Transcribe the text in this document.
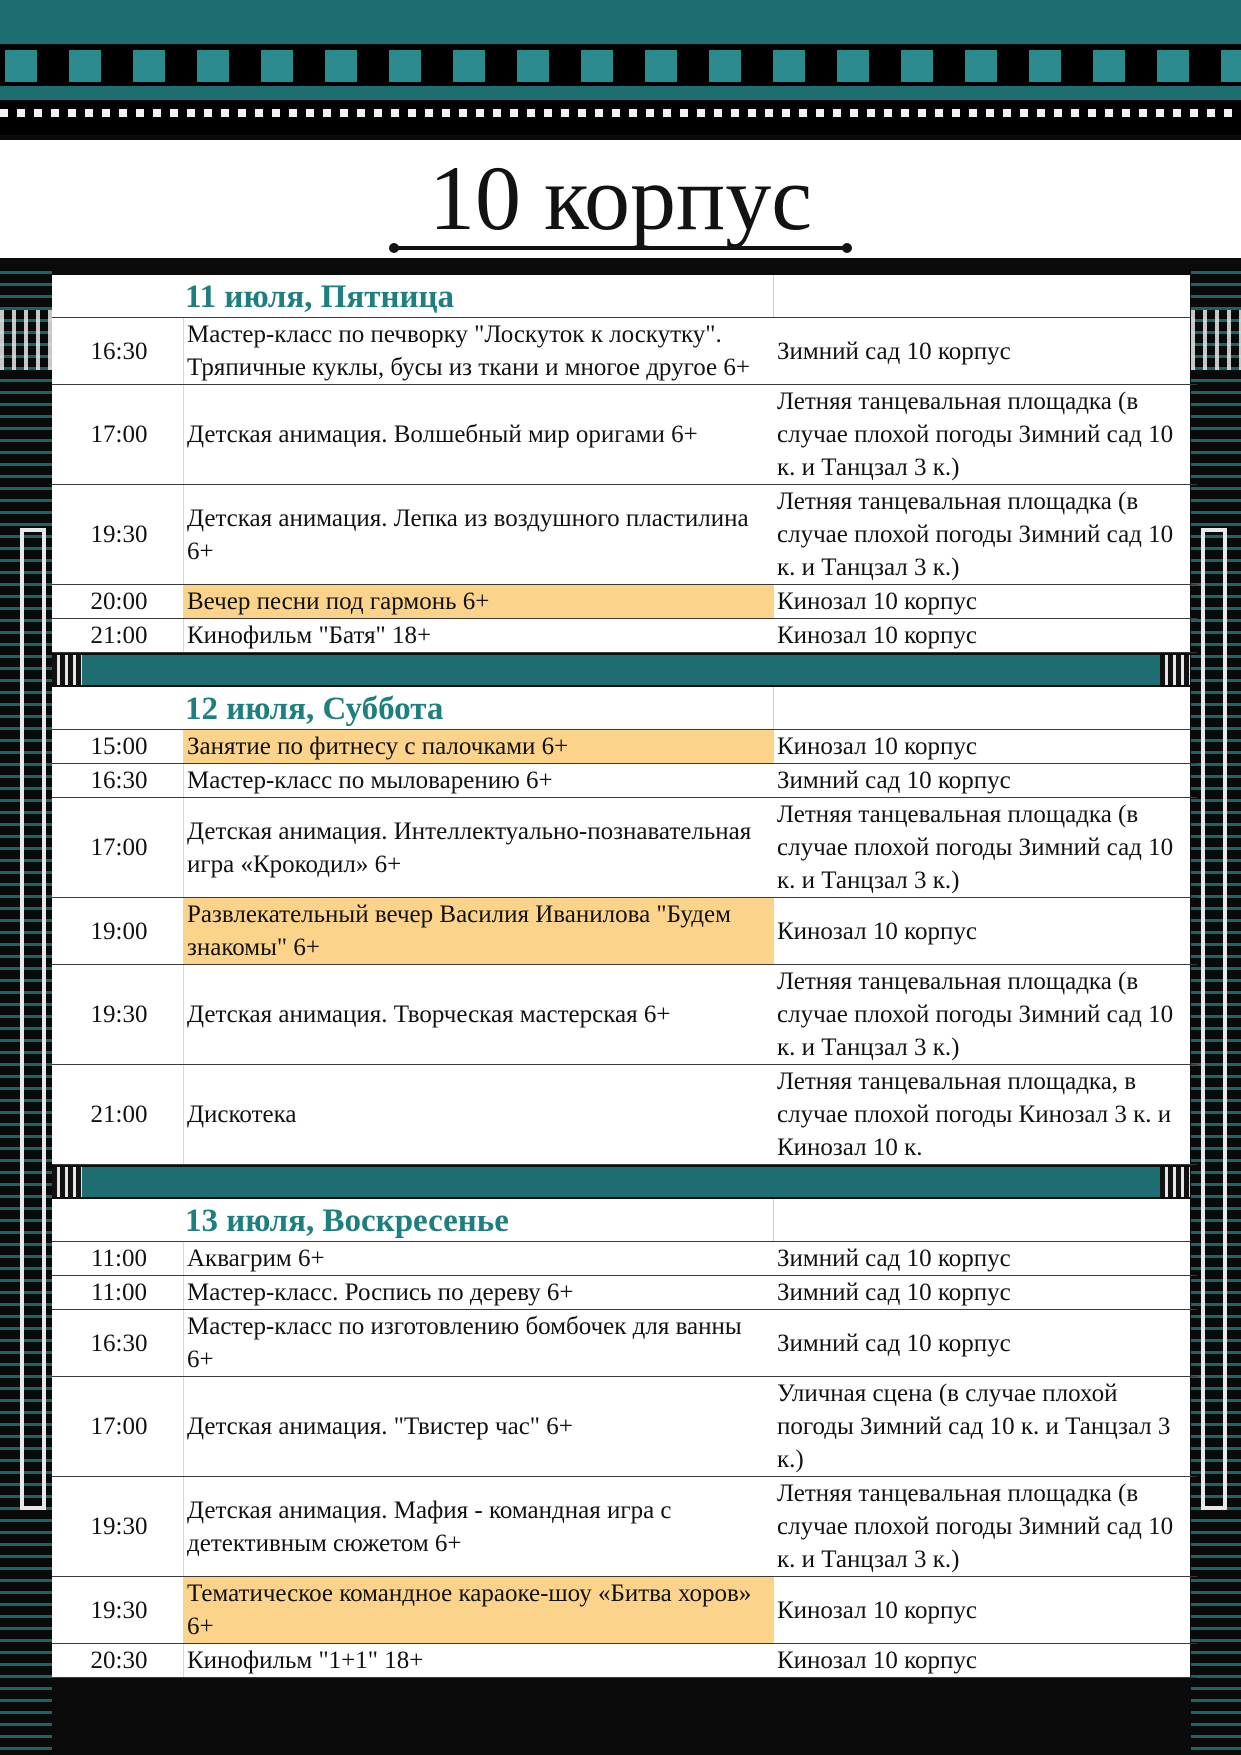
10 корпус
11 июля, Пятница
16:30	Мастер-класс по печворку "Лоскуток к лоскутку". Тряпичные куклы, бусы из ткани и многое другое 6+	Зимний сад 10 корпус
17:00	Детская анимация. Волшебный мир оригами 6+	Летняя танцевальная площадка (в случае плохой погоды Зимний сад 10 к. и Танцзал 3 к.)
19:30	Детская анимация. Лепка из воздушного пластилина 6+	Летняя танцевальная площадка (в случае плохой погоды Зимний сад 10 к. и Танцзал 3 к.)
20:00	Вечер песни под гармонь 6+	Кинозал 10 корпус
21:00	Кинофильм "Батя" 18+	Кинозал 10 корпус
12 июля, Суббота
15:00	Занятие по фитнесу с палочками 6+	Кинозал 10 корпус
16:30	Мастер-класс по мыловарению 6+	Зимний сад 10 корпус
17:00	Детская анимация. Интеллектуально-познавательная игра «Крокодил» 6+	Летняя танцевальная площадка (в случае плохой погоды Зимний сад 10 к. и Танцзал 3 к.)
19:00	Развлекательный вечер Василия Иванилова "Будем знакомы" 6+	Кинозал 10 корпус
19:30	Детская анимация. Творческая мастерская 6+	Летняя танцевальная площадка (в случае плохой погоды Зимний сад 10 к. и Танцзал 3 к.)
21:00	Дискотека	Летняя танцевальная площадка, в случае плохой погоды Кинозал 3 к. и Кинозал 10 к.
13 июля, Воскресенье
11:00	Аквагрим 6+	Зимний сад 10 корпус
11:00	Мастер-класс. Роспись по дереву 6+	Зимний сад 10 корпус
16:30	Мастер-класс по изготовлению бомбочек для ванны 6+	Зимний сад 10 корпус
17:00	Детская анимация. "Твистер час" 6+	Уличная сцена (в случае плохой погоды Зимний сад 10 к. и Танцзал 3 к.)
19:30	Детская анимация. Мафия - командная игра с детективным сюжетом 6+	Летняя танцевальная площадка (в случае плохой погоды Зимний сад 10 к. и Танцзал 3 к.)
19:30	Тематическое командное караоке-шоу «Битва хоров» 6+	Кинозал 10 корпус
20:30	Кинофильм "1+1" 18+	Кинозал 10 корпус
